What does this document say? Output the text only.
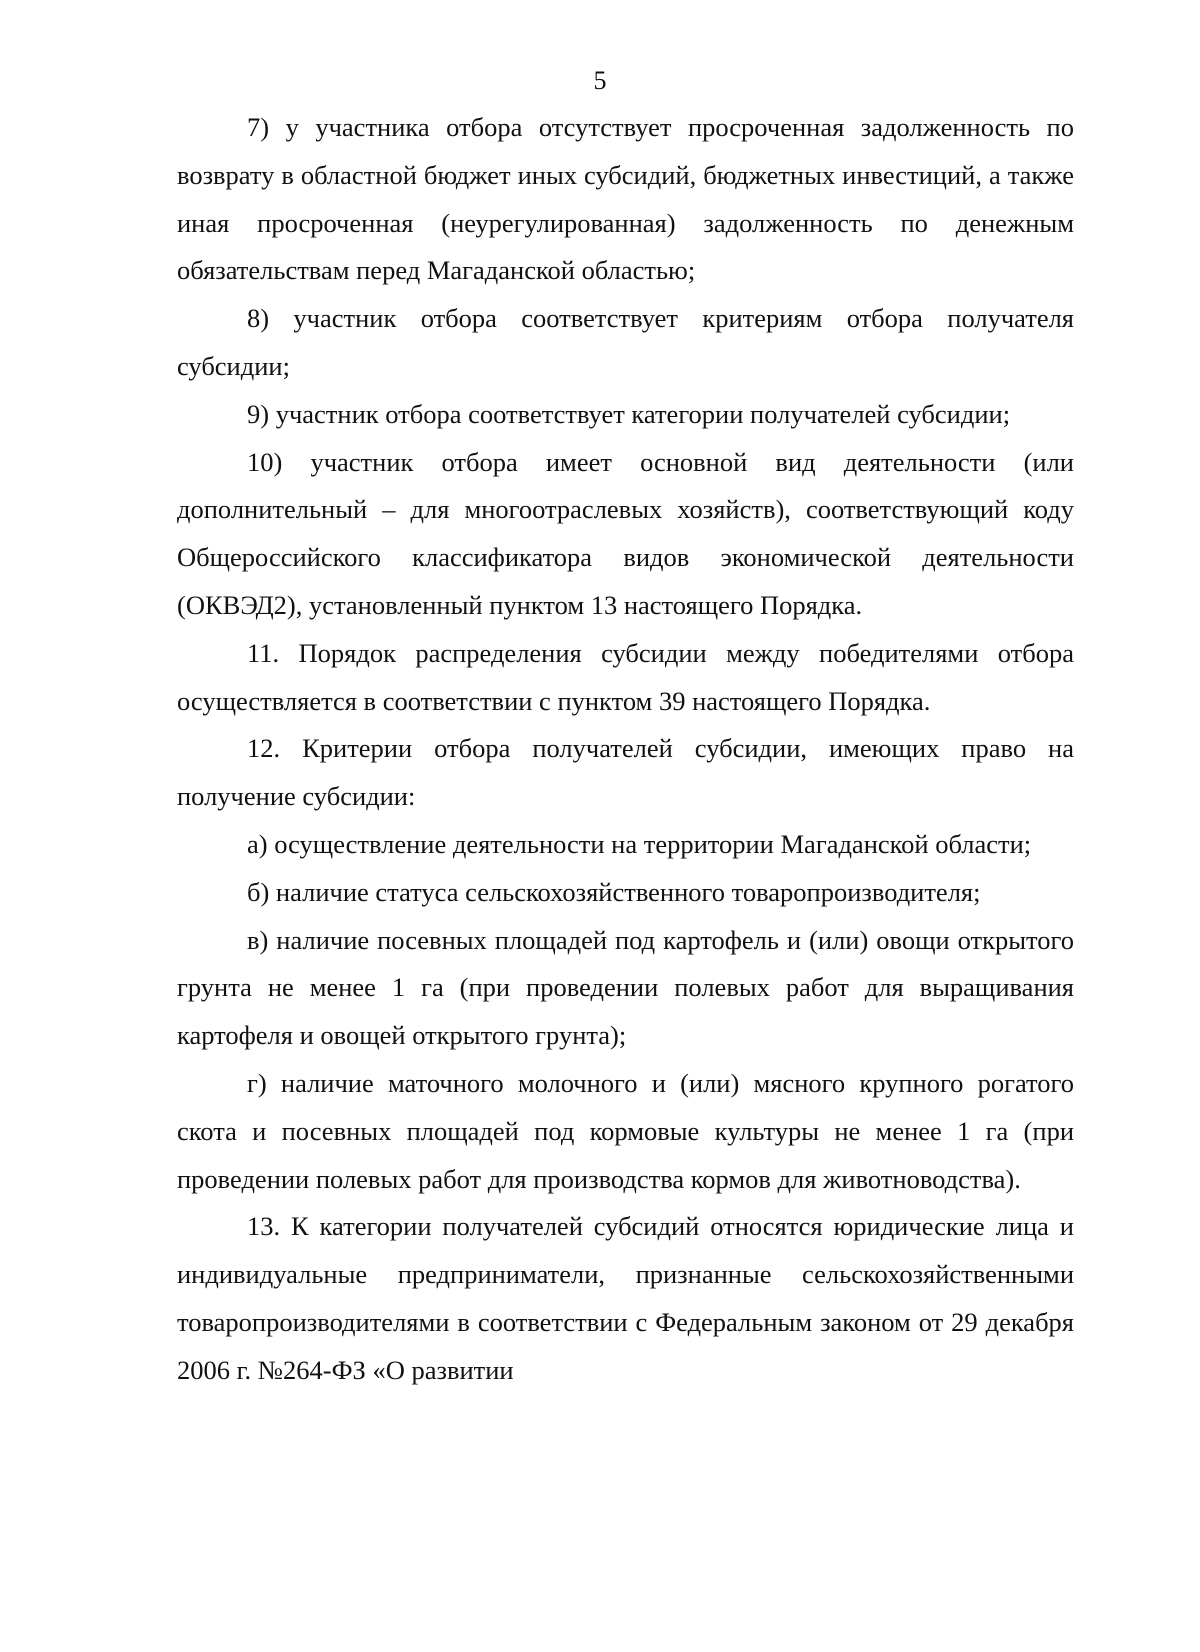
5

7) у участника отбора отсутствует просроченная задолженность по возврату в областной бюджет иных субсидий, бюджетных инвестиций, а также иная просроченная (неурегулированная) задолженность по денежным обязательствам перед Магаданской областью;

8) участник отбора соответствует критериям отбора получателя субсидии;

9) участник отбора соответствует категории получателей субсидии;

10) участник отбора имеет основной вид деятельности (или дополнительный – для многоотраслевых хозяйств), соответствующий коду Общероссийского классификатора видов экономической деятельности (ОКВЭД2), установленный пунктом 13 настоящего Порядка.

11. Порядок распределения субсидии между победителями отбора осуществляется в соответствии с пунктом 39 настоящего Порядка.

12. Критерии отбора получателей субсидии, имеющих право на получение субсидии:

а) осуществление деятельности на территории Магаданской области;

б) наличие статуса сельскохозяйственного товаропроизводителя;

в) наличие посевных площадей под картофель и (или) овощи открытого грунта не менее 1 га (при проведении полевых работ для выращивания картофеля и овощей открытого грунта);

г) наличие маточного молочного и (или) мясного крупного рогатого скота и посевных площадей под кормовые культуры не менее 1 га (при проведении полевых работ для производства кормов для животноводства).

13. К категории получателей субсидий относятся юридические лица и индивидуальные предприниматели, признанные сельскохозяйственными товаропроизводителями в соответствии с Федеральным законом от 29 декабря 2006 г. №264-ФЗ «О развитии
